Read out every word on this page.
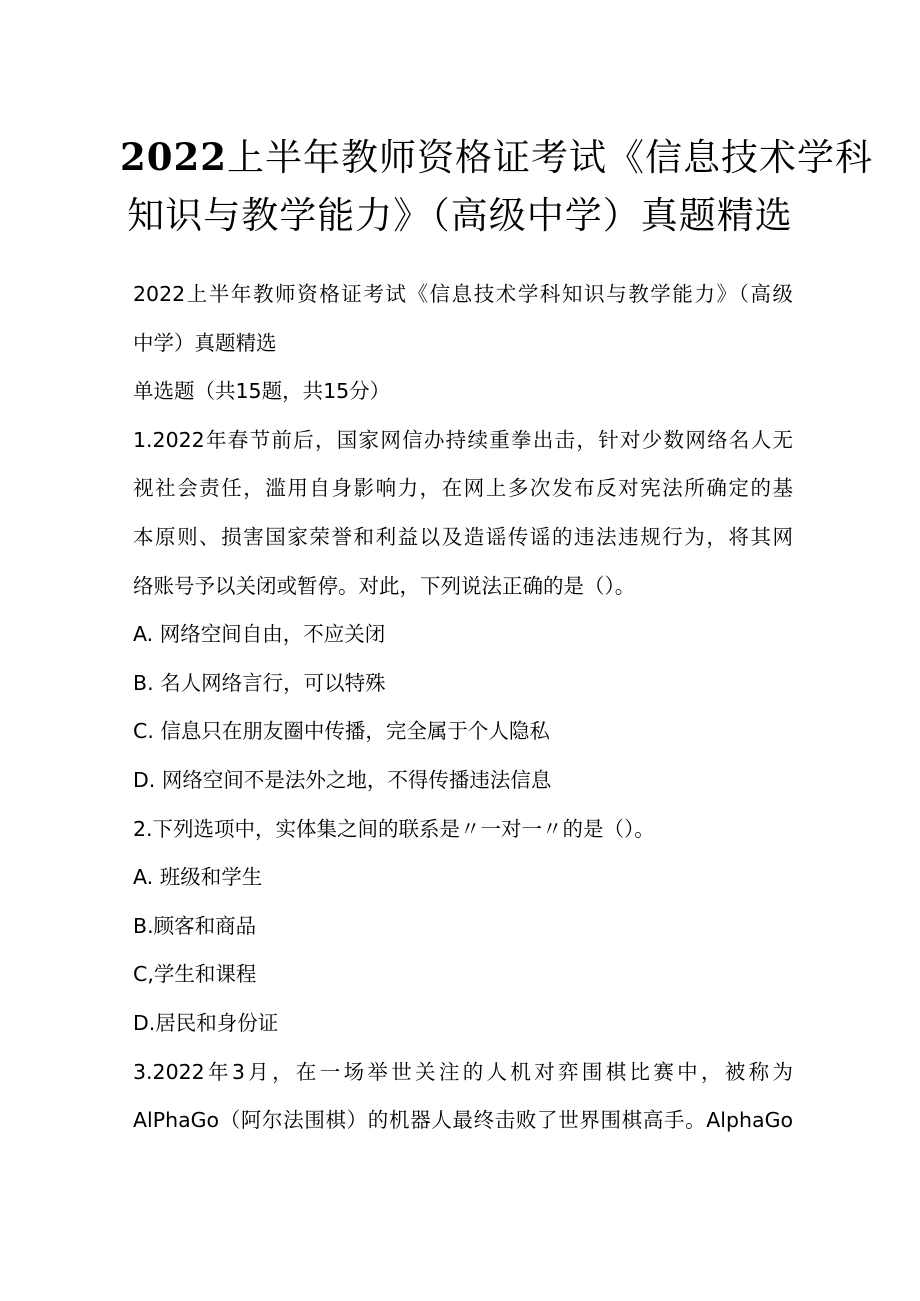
2022上半年教师资格证考试《信息技术学科
知识与教学能力》（高级中学）真题精选
2022上半年教师资格证考试《信息技术学科知识与教学能力》（高级
中学）真题精选
单选题（共15题，共15分）
1.2022年春节前后，国家网信办持续重拳出击，针对少数网络名人无
视社会责任，滥用自身影响力，在网上多次发布反对宪法所确定的基
本原则、损害国家荣誉和利益以及造谣传谣的违法违规行为，将其网
络账号予以关闭或暂停。对此，下列说法正确的是（）。
A. 网络空间自由，不应关闭
B. 名人网络言行，可以特殊
C. 信息只在朋友圈中传播，完全属于个人隐私
D. 网络空间不是法外之地，不得传播违法信息
2.下列选项中，实体集之间的联系是〃一对一〃的是（）。
A. 班级和学生
B.顾客和商品
C,学生和课程
D.居民和身份证
3.2022年3月，在一场举世关注的人机对弈围棋比赛中，被称为
AlPhaGo（阿尔法围棋）的机器人最终击败了世界围棋高手。AlphaGo
